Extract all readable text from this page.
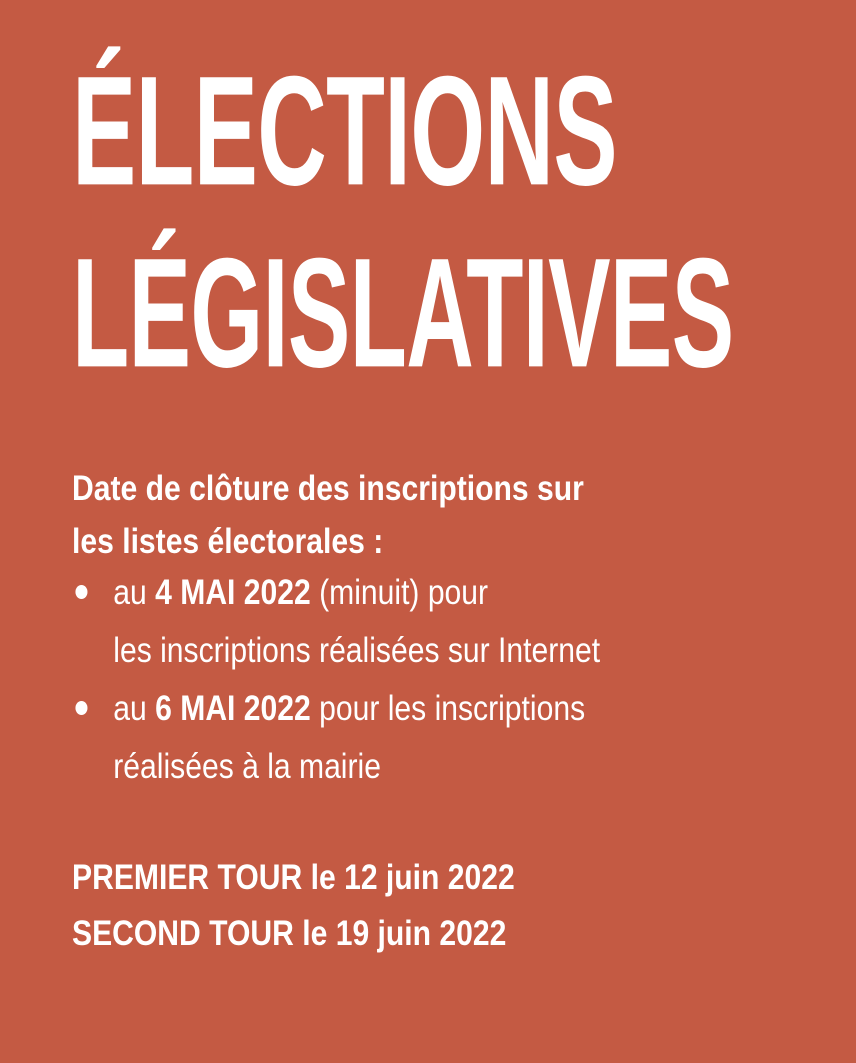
ÉLECTIONS
LÉGISLATIVES
Date de clôture des inscriptions sur
les listes électorales :
au 4 MAI 2022 (minuit) pour
les inscriptions réalisées sur Internet
au 6 MAI 2022 pour les inscriptions
réalisées à la mairie
PREMIER TOUR le 12 juin 2022
SECOND TOUR le 19 juin 2022
